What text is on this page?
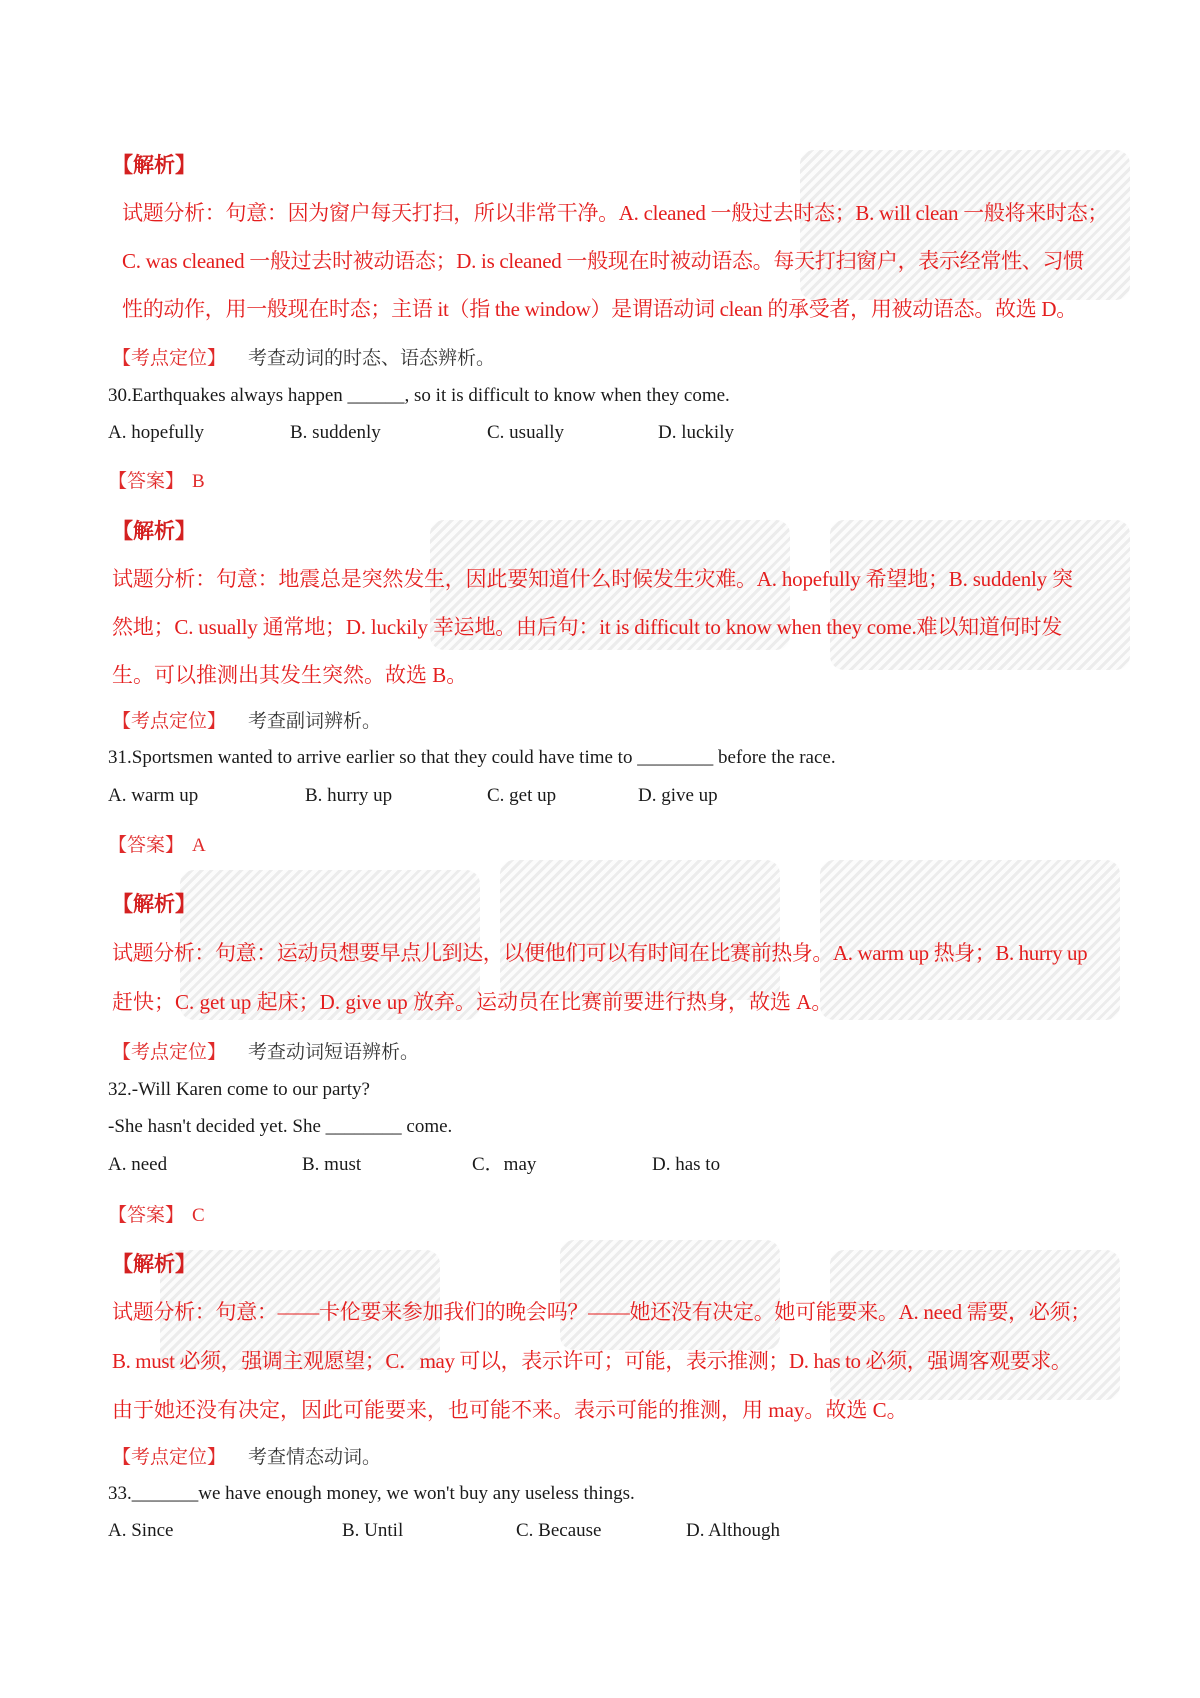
【解析】
试题分析：句意：因为窗户每天打扫，所以非常干净。A. cleaned 一般过去时态；B. will clean 一般将来时态；
C. was cleaned 一般过去时被动语态；D. is cleaned 一般现在时被动语态。每天打扫窗户，表示经常性、习惯
性的动作，用一般现在时态；主语 it（指 the window）是谓语动词 clean 的承受者，用被动语态。故选 D。
【考点定位】 考查动词的时态、语态辨析。
30.Earthquakes always happen ______, so it is difficult to know when they come.
A. hopefully	B. suddenly	C. usually	D. luckily
【答案】 B
【解析】
试题分析：句意：地震总是突然发生，因此要知道什么时候发生灾难。A. hopefully 希望地；B. suddenly 突
然地；C. usually 通常地；D. luckily 幸运地。由后句：it is difficult to know when they come.难以知道何时发
生。可以推测出其发生突然。故选 B。
【考点定位】 考查副词辨析。
31.Sportsmen wanted to arrive earlier so that they could have time to ________ before the race.
A. warm up	B. hurry up	C. get up	D. give up
【答案】 A
【解析】
试题分析：句意：运动员想要早点儿到达，以便他们可以有时间在比赛前热身。A. warm up 热身；B. hurry up
赶快；C. get up 起床；D. give up 放弃。运动员在比赛前要进行热身，故选 A。
【考点定位】 考查动词短语辨析。
32.-Will Karen come to our party?
-She hasn't decided yet. She ________ come.
A. need	B. must	C．may	D. has to
【答案】 C
【解析】
试题分析：句意：——卡伦要来参加我们的晚会吗？——她还没有决定。她可能要来。A. need 需要，必须；
B. must 必须，强调主观愿望；C．may 可以，表示许可；可能，表示推测；D. has to 必须，强调客观要求。
由于她还没有决定，因此可能要来，也可能不来。表示可能的推测，用 may。故选 C。
【考点定位】 考查情态动词。
33._______we have enough money, we won't buy any useless things.
A. Since	B. Until	C. Because	D. Although
